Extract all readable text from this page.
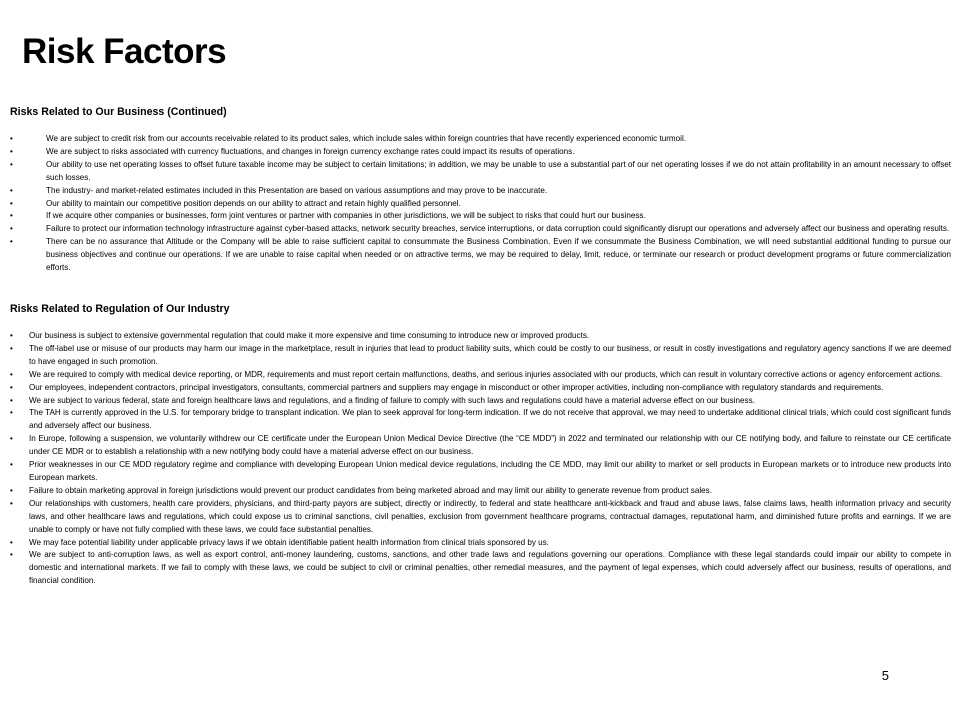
Risk Factors
Risks Related to Our Business (Continued)
•	We are subject to credit risk from our accounts receivable related to its product sales, which include sales within foreign countries that have recently experienced economic turmoil.
•	We are subject to risks associated with currency fluctuations, and changes in foreign currency exchange rates could impact its results of operations.
•	Our ability to use net operating losses to offset future taxable income may be subject to certain limitations; in addition, we may be unable to use a substantial part of our net operating losses if we do not attain profitability in an amount necessary to offset such losses.
•	The industry- and market-related estimates included in this Presentation are based on various assumptions and may prove to be inaccurate.
•	Our ability to maintain our competitive position depends on our ability to attract and retain highly qualified personnel.
•	If we acquire other companies or businesses, form joint ventures or partner with companies in other jurisdictions, we will be subject to risks that could hurt our business.
•	Failure to protect our information technology infrastructure against cyber-based attacks, network security breaches, service interruptions, or data corruption could significantly disrupt our operations and adversely affect our business and operating results.
•	There can be no assurance that Altitude or the Company will be able to raise sufficient capital to consummate the Business Combination. Even if we consummate the Business Combination, we will need substantial additional funding to pursue our business objectives and continue our operations. If we are unable to raise capital when needed or on attractive terms, we may be required to delay, limit, reduce, or terminate our research or product development programs or future commercialization efforts.
Risks Related to Regulation of Our Industry
• Our business is subject to extensive governmental regulation that could make it more expensive and time consuming to introduce new or improved products.
• The off-label use or misuse of our products may harm our image in the marketplace, result in injuries that lead to product liability suits, which could be costly to our business, or result in costly investigations and regulatory agency sanctions if we are deemed to have engaged in such promotion.
• We are required to comply with medical device reporting, or MDR, requirements and must report certain malfunctions, deaths, and serious injuries associated with our products, which can result in voluntary corrective actions or agency enforcement actions.
• Our employees, independent contractors, principal investigators, consultants, commercial partners and suppliers may engage in misconduct or other improper activities, including non-compliance with regulatory standards and requirements.
• We are subject to various federal, state and foreign healthcare laws and regulations, and a finding of failure to comply with such laws and regulations could have a material adverse effect on our business.
• The TAH is currently approved in the U.S. for temporary bridge to transplant indication. We plan to seek approval for long-term indication. If we do not receive that approval, we may need to undertake additional clinical trials, which could cost significant funds and adversely affect our business.
• In Europe, following a suspension, we voluntarily withdrew our CE certificate under the European Union Medical Device Directive (the “CE MDD”) in 2022 and terminated our relationship with our CE notifying body, and failure to reinstate our CE certificate under CE MDR or to establish a relationship with a new notifying body could have a material adverse effect on our business.
• Prior weaknesses in our CE MDD regulatory regime and compliance with developing European Union medical device regulations, including the CE MDD, may limit our ability to market or sell products in European markets or to introduce new products into European markets.
• Failure to obtain marketing approval in foreign jurisdictions would prevent our product candidates from being marketed abroad and may limit our ability to generate revenue from product sales.
• Our relationships with customers, health care providers, physicians, and third-party payors are subject, directly or indirectly, to federal and state healthcare anti-kickback and fraud and abuse laws, false claims laws, health information privacy and security laws, and other healthcare laws and regulations, which could expose us to criminal sanctions, civil penalties, exclusion from government healthcare programs, contractual damages, reputational harm, and diminished future profits and earnings. If we are unable to comply or have not fully complied with these laws, we could face substantial penalties.
• We may face potential liability under applicable privacy laws if we obtain identifiable patient health information from clinical trials sponsored by us.
• We are subject to anti-corruption laws, as well as export control, anti-money laundering, customs, sanctions, and other trade laws and regulations governing our operations. Compliance with these legal standards could impair our ability to compete in domestic and international markets. If we fail to comply with these laws, we could be subject to civil or criminal penalties, other remedial measures, and the payment of legal expenses, which could adversely affect our business, results of operations, and financial condition.
5
